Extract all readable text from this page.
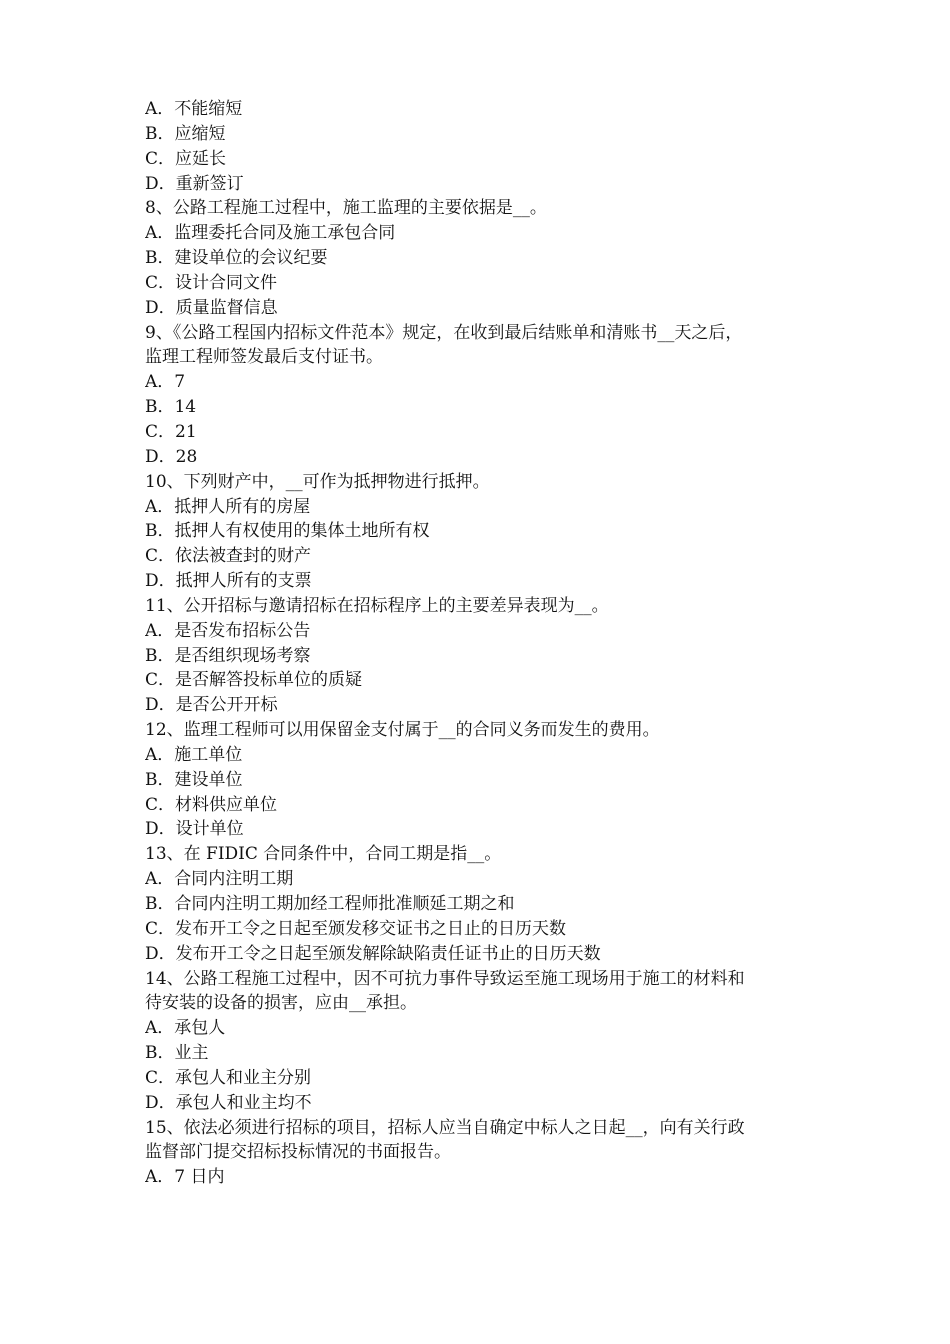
A．不能缩短
B．应缩短
C．应延长
D．重新签订
8、公路工程施工过程中，施工监理的主要依据是__。
A．监理委托合同及施工承包合同
B．建设单位的会议纪要
C．设计合同文件
D．质量监督信息
9、《公路工程国内招标文件范本》规定，在收到最后结账单和清账书__天之后，
监理工程师签发最后支付证书。
A．7
B．14
C．21
D．28
10、下列财产中，__可作为抵押物进行抵押。
A．抵押人所有的房屋
B．抵押人有权使用的集体土地所有权
C．依法被查封的财产
D．抵押人所有的支票
11、公开招标与邀请招标在招标程序上的主要差异表现为__。
A．是否发布招标公告
B．是否组织现场考察
C．是否解答投标单位的质疑
D．是否公开开标
12、监理工程师可以用保留金支付属于__的合同义务而发生的费用。
A．施工单位
B．建设单位
C．材料供应单位
D．设计单位
13、在 FIDIC 合同条件中，合同工期是指__。
A．合同内注明工期
B．合同内注明工期加经工程师批准顺延工期之和
C．发布开工令之日起至颁发移交证书之日止的日历天数
D．发布开工令之日起至颁发解除缺陷责任证书止的日历天数
14、公路工程施工过程中，因不可抗力事件导致运至施工现场用于施工的材料和
待安装的设备的损害，应由__承担。
A．承包人
B．业主
C．承包人和业主分别
D．承包人和业主均不
15、依法必须进行招标的项目，招标人应当自确定中标人之日起__，向有关行政
监督部门提交招标投标情况的书面报告。
A．7 日内
